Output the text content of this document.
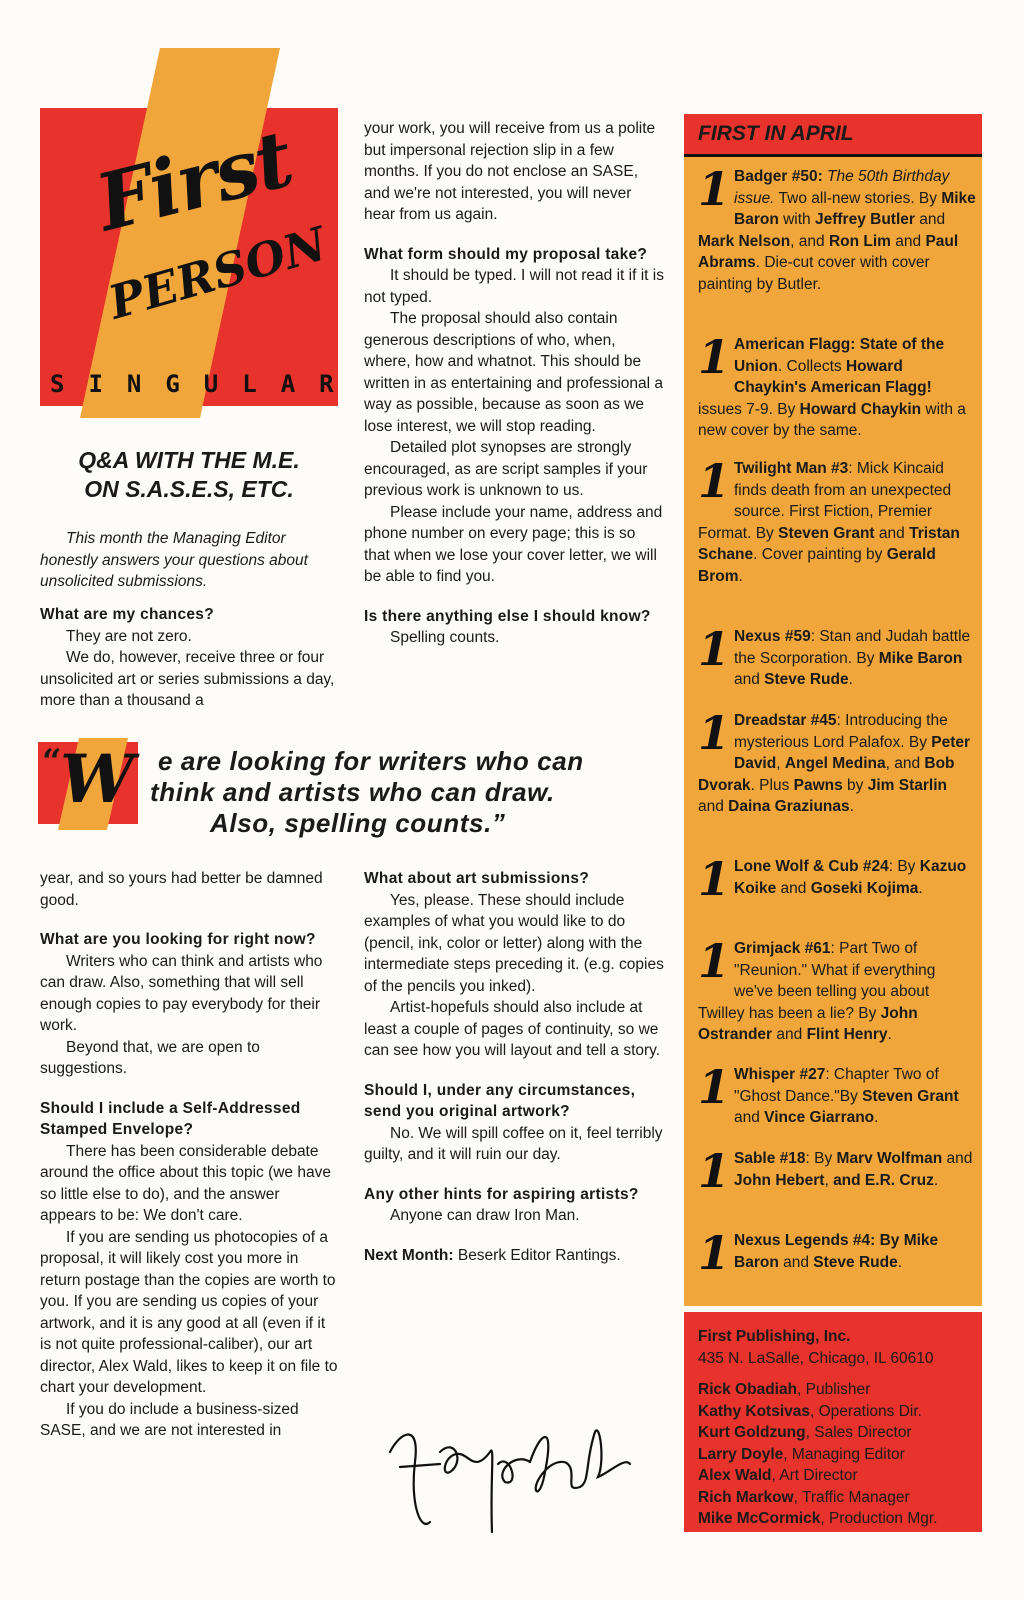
First
PERSON
SINGULAR
Q&A WITH THE M.E.
ON S.A.S.E.S, ETC.
This month the Managing Editor honestly answers your questions about unsolicited submissions.
What are my chances?

They are not zero.

We do, however, receive three or four unsolicited art or series submissions a day, more than a thousand a

your work, you will receive from us a polite but impersonal rejection slip in a few months. If you do not enclose an SASE, and we're not interested, you will never hear from us again.

What form should my proposal take?

It should be typed. I will not read it if it is not typed.

The proposal should also contain generous descriptions of who, when, where, how and whatnot. This should be written in as entertaining and professional a way as possible, because as soon as we lose interest, we will stop reading.

Detailed plot synopses are strongly encouraged, as are script samples if your previous work is unknown to us.

Please include your name, address and phone number on every page; this is so that when we lose your cover letter, we will be able to find you.

Is there anything else I should know?

Spelling counts.

“
W e are looking for writers who can
think and artists who can draw.
Also, spelling counts.”

year, and so yours had better be damned good.

What are you looking for right now?

Writers who can think and artists who can draw. Also, something that will sell enough copies to pay everybody for their work.

Beyond that, we are open to suggestions.

Should I include a Self-Addressed Stamped Envelope?

There has been considerable debate around the office about this topic (we have so little else to do), and the answer appears to be: We don't care.

If you are sending us photocopies of a proposal, it will likely cost you more in return postage than the copies are worth to you. If you are sending us copies of your artwork, and it is any good at all (even if it is not quite professional-caliber), our art director, Alex Wald, likes to keep it on file to chart your development.

If you do include a business-sized SASE, and we are not interested in

What about art submissions?

Yes, please. These should include examples of what you would like to do (pencil, ink, color or letter) along with the intermediate steps preceding it. (e.g. copies of the pencils you inked).

Artist-hopefuls should also include at least a couple of pages of continuity, so we can see how you will layout and tell a story.

Should I, under any circumstances, send you original artwork?

No. We will spill coffee on it, feel terribly guilty, and it will ruin our day.

Any other hints for aspiring artists?

Anyone can draw Iron Man.

Next Month: Beserk Editor Rantings.

FIRST IN APRIL
1 Badger #50: The 50th Birthday issue. Two all-new stories. By Mike Baron with Jeffrey Butler and Mark Nelson, and Ron Lim and Paul Abrams. Die-cut cover with cover painting by Butler.
1 American Flagg: State of the Union. Collects Howard Chaykin's American Flagg! issues 7-9. By Howard Chaykin with a new cover by the same.
1 Twilight Man #3: Mick Kincaid finds death from an unexpected source. First Fiction, Premier Format. By Steven Grant and Tristan Schane. Cover painting by Gerald Brom.
1 Nexus #59: Stan and Judah battle the Scorporation. By Mike Baron and Steve Rude.
1 Dreadstar #45: Introducing the mysterious Lord Palafox. By Peter David, Angel Medina, and Bob Dvorak. Plus Pawns by Jim Starlin and Daina Graziunas.
1 Lone Wolf & Cub #24: By Kazuo Koike and Goseki Kojima.
1 Grimjack #61: Part Two of "Reunion." What if everything we've been telling you about Twilley has been a lie? By John Ostrander and Flint Henry.
1 Whisper #27: Chapter Two of "Ghost Dance."By Steven Grant and Vince Giarrano.
1 Sable #18: By Marv Wolfman and John Hebert, and E.R. Cruz.
1 Nexus Legends #4: By Mike Baron and Steve Rude.
First Publishing, Inc.
435 N. LaSalle, Chicago, IL 60610
Rick Obadiah, Publisher
Kathy Kotsivas, Operations Dir.
Kurt Goldzung, Sales Director
Larry Doyle, Managing Editor
Alex Wald, Art Director
Rich Markow, Traffic Manager
Mike McCormick, Production Mgr.
